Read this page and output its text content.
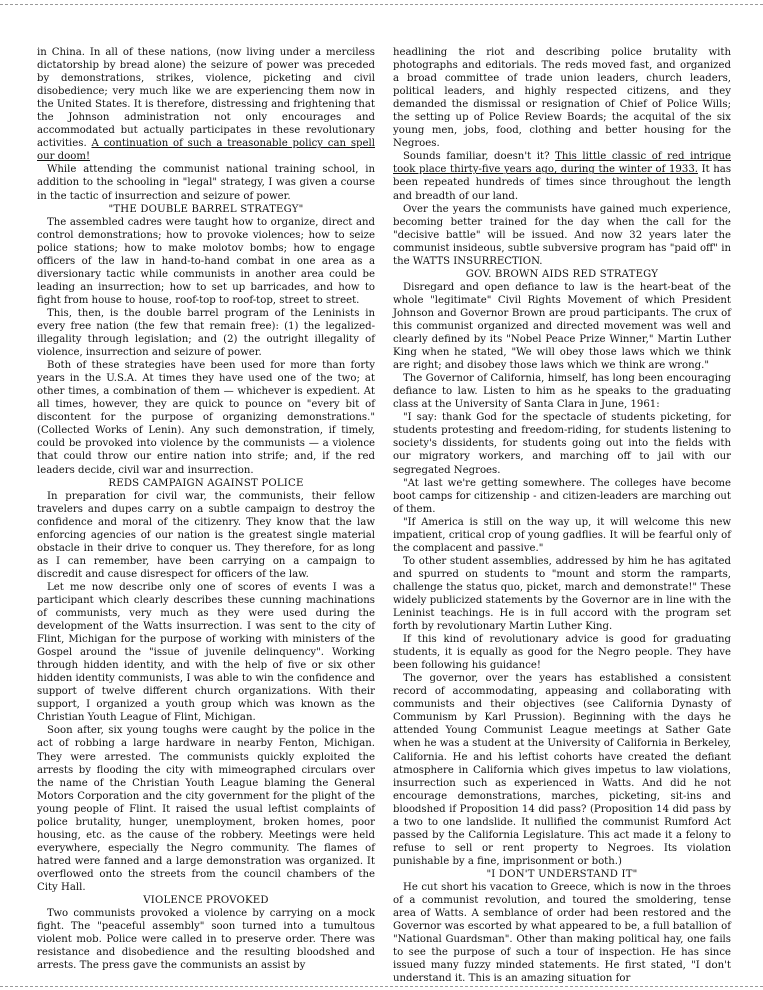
in China. In all of these nations, (now living under a merciless dictatorship by bread alone) the seizure of power was preceded by demonstrations, strikes, violence, picketing and civil disobedience; very much like we are experiencing them now in the United States. It is therefore, distressing and frightening that the Johnson administration not only encourages and accommodated but actually participates in these revolutionary activities. A continuation of such a treasonable policy can spell our doom!

While attending the communist national training school, in addition to the schooling in "legal" strategy, I was given a course in the tactic of insurrection and seizure of power.

"THE DOUBLE BARREL STRATEGY"

The assembled cadres were taught how to organize, direct and control demonstrations; how to provoke violences; how to seize police stations; how to make molotov bombs; how to engage officers of the law in hand-to-hand combat in one area as a diversionary tactic while communists in another area could be leading an insurrection; how to set up barricades, and how to fight from house to house, roof-top to roof-top, street to street.

This, then, is the double barrel program of the Leninists in every free nation (the few that remain free): (1) the legalized-illegality through legislation; and (2) the outright illegality of violence, insurrection and seizure of power.

Both of these strategies have been used for more than forty years in the U.S.A. At times they have used one of the two; at other times, a combination of them — whichever is expedient. At all times, however, they are quick to pounce on "every bit of discontent for the purpose of organizing demonstrations." (Collected Works of Lenin). Any such demonstration, if timely, could be provoked into violence by the communists — a violence that could throw our entire nation into strife; and, if the red leaders decide, civil war and insurrection.

REDS CAMPAIGN AGAINST POLICE

In preparation for civil war, the communists, their fellow travelers and dupes carry on a subtle campaign to destroy the confidence and moral of the citizenry. They know that the law enforcing agencies of our nation is the greatest single material obstacle in their drive to conquer us. They therefore, for as long as I can remember, have been carrying on a campaign to discredit and cause disrespect for officers of the law.

Let me now describe only one of scores of events I was a participant which clearly describes these cunning machinations of communists, very much as they were used during the development of the Watts insurrection. I was sent to the city of Flint, Michigan for the purpose of working with ministers of the Gospel around the "issue of juvenile delinquency". Working through hidden identity, and with the help of five or six other hidden identity communists, I was able to win the confidence and support of twelve different church organizations. With their support, I organized a youth group which was known as the Christian Youth League of Flint, Michigan.

Soon after, six young toughs were caught by the police in the act of robbing a large hardware in nearby Fenton, Michigan. They were arrested. The communists quickly exploited the arrests by flooding the city with mimeographed circulars over the name of the Christian Youth League blaming the General Motors Corporation and the city government for the plight of the young people of Flint. It raised the usual leftist complaints of police brutality, hunger, unemployment, broken homes, poor housing, etc. as the cause of the robbery. Meetings were held everywhere, especially the Negro community. The flames of hatred were fanned and a large demonstration was organized. It overflowed onto the streets from the council chambers of the City Hall.

VIOLENCE PROVOKED

Two communists provoked a violence by carrying on a mock fight. The "peaceful assembly" soon turned into a tumultous violent mob. Police were called in to preserve order. There was resistance and disobedience and the resulting bloodshed and arrests. The press gave the communists an assist by

headlining the riot and describing police brutality with photographs and editorials. The reds moved fast, and organized a broad committee of trade union leaders, church leaders, political leaders, and highly respected citizens, and they demanded the dismissal or resignation of Chief of Police Wills; the setting up of Police Review Boards; the acquital of the six young men, jobs, food, clothing and better housing for the Negroes.

Sounds familiar, doesn't it? This little classic of red intrigue took place thirty-five years ago, during the winter of 1933. It has been repeated hundreds of times since throughout the length and breadth of our land.

Over the years the communists have gained much experience, becoming better trained for the day when the call for the "decisive battle" will be issued. And now 32 years later the communist insideous, subtle subversive program has "paid off" in the WATTS INSURRECTION.

GOV. BROWN AIDS RED STRATEGY

Disregard and open defiance to law is the heart-beat of the whole "legitimate" Civil Rights Movement of which President Johnson and Governor Brown are proud participants. The crux of this communist organized and directed movement was well and clearly defined by its "Nobel Peace Prize Winner," Martin Luther King when he stated, "We will obey those laws which we think are right; and disobey those laws which we think are wrong."

The Governor of California, himself, has long been encouraging defiance to law. Listen to him as he speaks to the graduating class at the University of Santa Clara in June, 1961:

"I say: thank God for the spectacle of students picketing, for students protesting and freedom-riding, for students listening to society's dissidents, for students going out into the fields with our migratory workers, and marching off to jail with our segregated Negroes.

"At last we're getting somewhere. The colleges have become boot camps for citizenship - and citizen-leaders are marching out of them.

"If America is still on the way up, it will welcome this new impatient, critical crop of young gadflies. It will be fearful only of the complacent and passive."

To other student assemblies, addressed by him he has agitated and spurred on students to "mount and storm the ramparts, challenge the status quo, picket, march and demonstrate!" These widely publicized statements by the Governor are in line with the Leninist teachings. He is in full accord with the program set forth by revolutionary Martin Luther King.

If this kind of revolutionary advice is good for graduating students, it is equally as good for the Negro people. They have been following his guidance!

The governor, over the years has established a consistent record of accommodating, appeasing and collaborating with communists and their objectives (see California Dynasty of Communism by Karl Prussion). Beginning with the days he attended Young Communist League meetings at Sather Gate when he was a student at the University of California in Berkeley, California. He and his leftist cohorts have created the defiant atmosphere in California which gives impetus to law violations, insurrection such as experienced in Watts. And did he not encourage demonstrations, marches, picketing, sit-ins and bloodshed if Proposition 14 did pass? (Proposition 14 did pass by a two to one landslide. It nullified the communist Rumford Act passed by the California Legislature. This act made it a felony to refuse to sell or rent property to Negroes. Its violation punishable by a fine, imprisonment or both.)

"I DON'T UNDERSTAND IT"

He cut short his vacation to Greece, which is now in the throes of a communist revolution, and toured the smoldering, tense area of Watts. A semblance of order had been restored and the Governor was escorted by what appeared to be, a full batallion of "National Guardsman". Other than making political hay, one fails to see the purpose of such a tour of inspection. He has since issued many fuzzy minded statements. He first stated, "I don't understand it. This is an amazing situation for
